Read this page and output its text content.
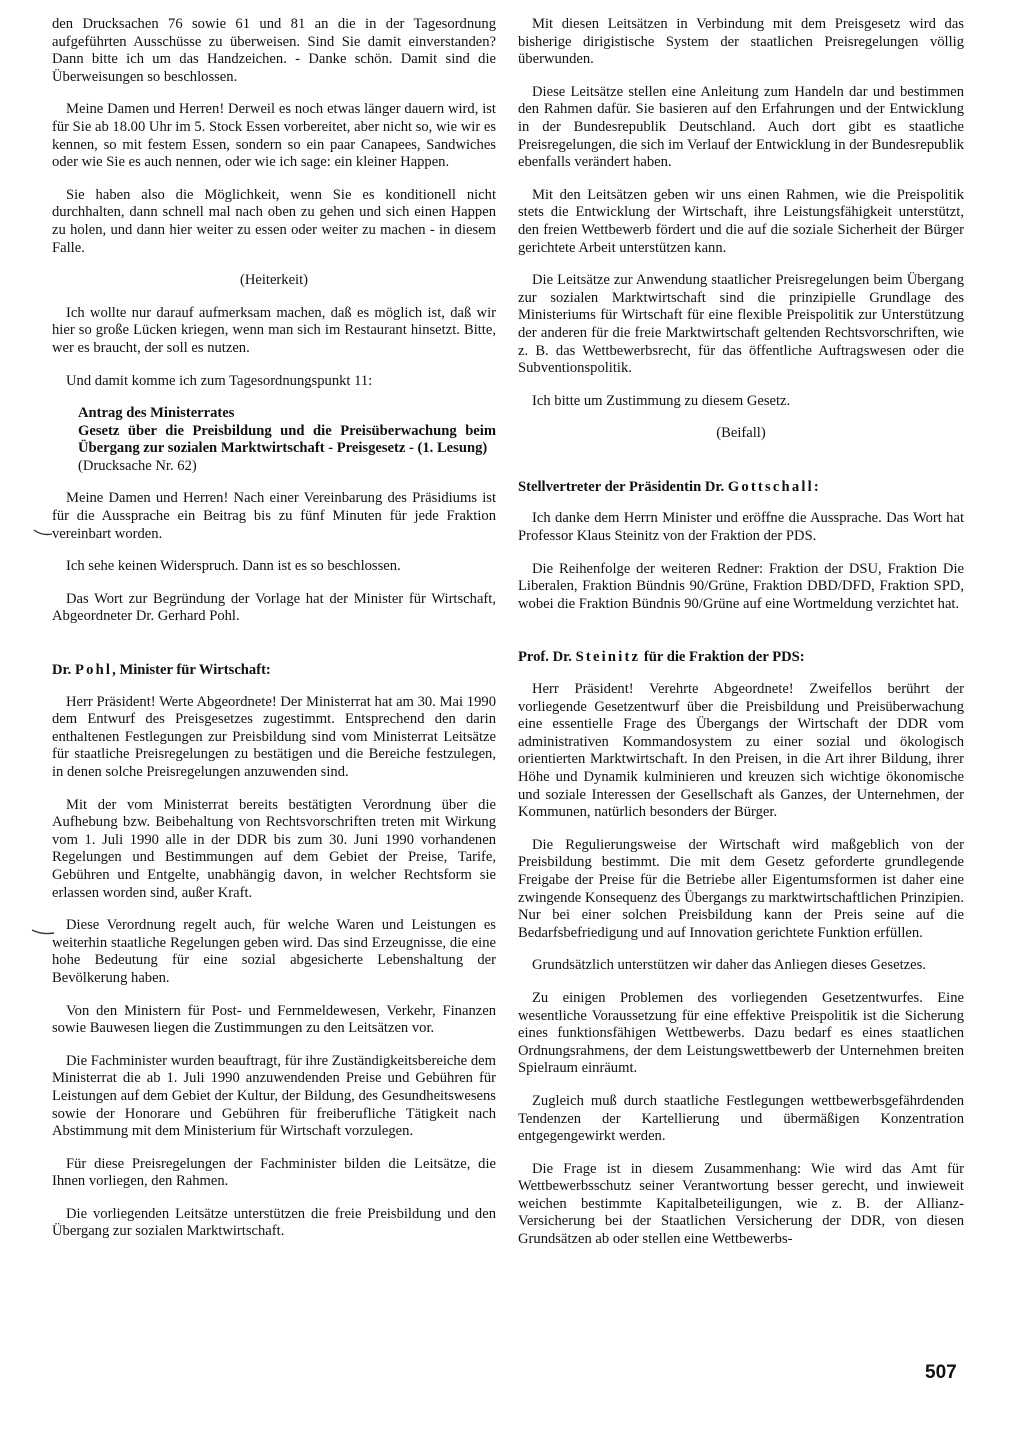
den Drucksachen 76 sowie 61 und 81 an die in der Tagesordnung aufgeführten Ausschüsse zu überweisen. Sind Sie damit einverstanden? Dann bitte ich um das Handzeichen. - Danke schön. Damit sind die Überweisungen so beschlossen.

Meine Damen und Herren! Derweil es noch etwas länger dauern wird, ist für Sie ab 18.00 Uhr im 5. Stock Essen vorbereitet, aber nicht so, wie wir es kennen, so mit festem Essen, sondern so ein paar Canapees, Sandwiches oder wie Sie es auch nennen, oder wie ich sage: ein kleiner Happen.

Sie haben also die Möglichkeit, wenn Sie es konditionell nicht durchhalten, dann schnell mal nach oben zu gehen und sich einen Happen zu holen, und dann hier weiter zu essen oder weiter zu machen - in diesem Falle.

(Heiterkeit)

Ich wollte nur darauf aufmerksam machen, daß es möglich ist, daß wir hier so große Lücken kriegen, wenn man sich im Restaurant hinsetzt. Bitte, wer es braucht, der soll es nutzen.

Und damit komme ich zum Tagesordnungspunkt 11:

Antrag des Ministerrates
Gesetz über die Preisbildung und die Preisüberwachung beim Übergang zur sozialen Marktwirtschaft - Preisgesetz - (1. Lesung)
(Drucksache Nr. 62)

Meine Damen und Herren! Nach einer Vereinbarung des Präsidiums ist für die Aussprache ein Beitrag bis zu fünf Minuten für jede Fraktion vereinbart worden.

Ich sehe keinen Widerspruch. Dann ist es so beschlossen.

Das Wort zur Begründung der Vorlage hat der Minister für Wirtschaft, Abgeordneter Dr. Gerhard Pohl.

Dr. Pohl, Minister für Wirtschaft:

Herr Präsident! Werte Abgeordnete! Der Ministerrat hat am 30. Mai 1990 dem Entwurf des Preisgesetzes zugestimmt. Entsprechend den darin enthaltenen Festlegungen zur Preisbildung sind vom Ministerrat Leitsätze für staatliche Preisregelungen zu bestätigen und die Bereiche festzulegen, in denen solche Preisregelungen anzuwenden sind.

Mit der vom Ministerrat bereits bestätigten Verordnung über die Aufhebung bzw. Beibehaltung von Rechtsvorschriften treten mit Wirkung vom 1. Juli 1990 alle in der DDR bis zum 30. Juni 1990 vorhandenen Regelungen und Bestimmungen auf dem Gebiet der Preise, Tarife, Gebühren und Entgelte, unabhängig davon, in welcher Rechtsform sie erlassen worden sind, außer Kraft.

Diese Verordnung regelt auch, für welche Waren und Leistungen es weiterhin staatliche Regelungen geben wird. Das sind Erzeugnisse, die eine hohe Bedeutung für eine sozial abgesicherte Lebenshaltung der Bevölkerung haben.

Von den Ministern für Post- und Fernmeldewesen, Verkehr, Finanzen sowie Bauwesen liegen die Zustimmungen zu den Leitsätzen vor.

Die Fachminister wurden beauftragt, für ihre Zuständigkeitsbereiche dem Ministerrat die ab 1. Juli 1990 anzuwendenden Preise und Gebühren für Leistungen auf dem Gebiet der Kultur, der Bildung, des Gesundheitswesens sowie der Honorare und Gebühren für freiberufliche Tätigkeit nach Abstimmung mit dem Ministerium für Wirtschaft vorzulegen.

Für diese Preisregelungen der Fachminister bilden die Leitsätze, die Ihnen vorliegen, den Rahmen.

Die vorliegenden Leitsätze unterstützen die freie Preisbildung und den Übergang zur sozialen Marktwirtschaft.

Mit diesen Leitsätzen in Verbindung mit dem Preisgesetz wird das bisherige dirigistische System der staatlichen Preisregelungen völlig überwunden.

Diese Leitsätze stellen eine Anleitung zum Handeln dar und bestimmen den Rahmen dafür. Sie basieren auf den Erfahrungen und der Entwicklung in der Bundesrepublik Deutschland. Auch dort gibt es staatliche Preisregelungen, die sich im Verlauf der Entwicklung in der Bundesrepublik ebenfalls verändert haben.

Mit den Leitsätzen geben wir uns einen Rahmen, wie die Preispolitik stets die Entwicklung der Wirtschaft, ihre Leistungsfähigkeit unterstützt, den freien Wettbewerb fördert und die auf die soziale Sicherheit der Bürger gerichtete Arbeit unterstützen kann.

Die Leitsätze zur Anwendung staatlicher Preisregelungen beim Übergang zur sozialen Marktwirtschaft sind die prinzipielle Grundlage des Ministeriums für Wirtschaft für eine flexible Preispolitik zur Unterstützung der anderen für die freie Marktwirtschaft geltenden Rechtsvorschriften, wie z. B. das Wettbewerbsrecht, für das öffentliche Auftragswesen oder die Subventionspolitik.

Ich bitte um Zustimmung zu diesem Gesetz.

(Beifall)

Stellvertreter der Präsidentin Dr. Gottschall:

Ich danke dem Herrn Minister und eröffne die Aussprache. Das Wort hat Professor Klaus Steinitz von der Fraktion der PDS.

Die Reihenfolge der weiteren Redner: Fraktion der DSU, Fraktion Die Liberalen, Fraktion Bündnis 90/Grüne, Fraktion DBD/DFD, Fraktion SPD, wobei die Fraktion Bündnis 90/Grüne auf eine Wortmeldung verzichtet hat.

Prof. Dr. Steinitz für die Fraktion der PDS:

Herr Präsident! Verehrte Abgeordnete! Zweifellos berührt der vorliegende Gesetzentwurf über die Preisbildung und Preisüberwachung eine essentielle Frage des Übergangs der Wirtschaft der DDR vom administrativen Kommandosystem zu einer sozial und ökologisch orientierten Marktwirtschaft. In den Preisen, in die Art ihrer Bildung, ihrer Höhe und Dynamik kulminieren und kreuzen sich wichtige ökonomische und soziale Interessen der Gesellschaft als Ganzes, der Unternehmen, der Kommunen, natürlich besonders der Bürger.

Die Regulierungsweise der Wirtschaft wird maßgeblich von der Preisbildung bestimmt. Die mit dem Gesetz geforderte grundlegende Freigabe der Preise für die Betriebe aller Eigentumsformen ist daher eine zwingende Konsequenz des Übergangs zu marktwirtschaftlichen Prinzipien. Nur bei einer solchen Preisbildung kann der Preis seine auf die Bedarfsbefriedigung und auf Innovation gerichtete Funktion erfüllen.

Grundsätzlich unterstützen wir daher das Anliegen dieses Gesetzes.

Zu einigen Problemen des vorliegenden Gesetzentwurfes. Eine wesentliche Voraussetzung für eine effektive Preispolitik ist die Sicherung eines funktionsfähigen Wettbewerbs. Dazu bedarf es eines staatlichen Ordnungsrahmens, der dem Leistungswettbewerb der Unternehmen breiten Spielraum einräumt.

Zugleich muß durch staatliche Festlegungen wettbewerbsgefährdenden Tendenzen der Kartellierung und übermäßigen Konzentration entgegengewirkt werden.

Die Frage ist in diesem Zusammenhang: Wie wird das Amt für Wettbewerbsschutz seiner Verantwortung besser gerecht, und inwieweit weichen bestimmte Kapitalbeteiligungen, wie z. B. der Allianz-Versicherung bei der Staatlichen Versicherung der DDR, von diesen Grundsätzen ab oder stellen eine Wettbewerbs-

507
